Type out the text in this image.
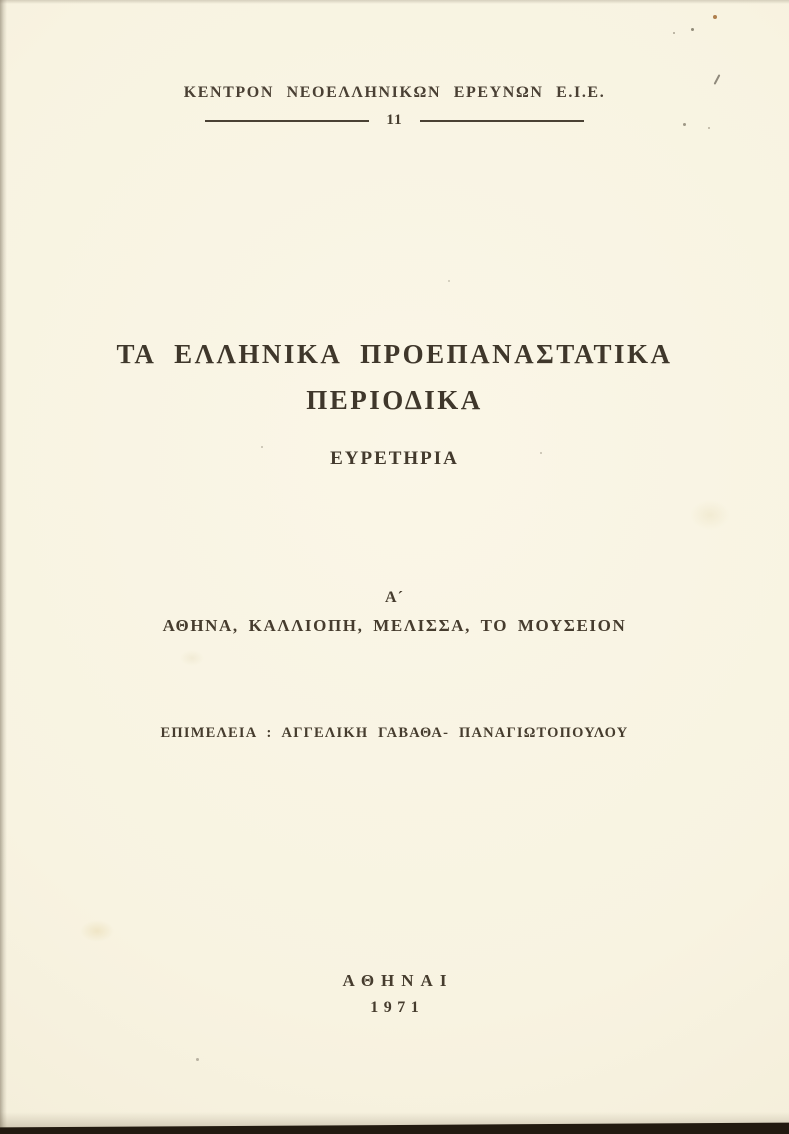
ΚΕΝΤΡΟΝ ΝΕΟΕΛΛΗΝΙΚΩΝ ΕΡΕΥΝΩΝ Ε.Ι.Ε.
11
ΤΑ ΕΛΛΗΝΙΚΑ ΠΡΟΕΠΑΝΑΣΤΑΤΙΚΑ
ΠΕΡΙΟΔΙΚΑ
ΕΥΡΕΤΗΡΙΑ
Α´
ΑΘΗΝΑ, ΚΑΛΛΙΟΠΗ, ΜΕΛΙΣΣΑ, ΤΟ ΜΟΥΣΕΙΟΝ
ΕΠΙΜΕΛΕΙΑ : ΑΓΓΕΛΙΚΗ ΓΑΒΑΘΑ- ΠΑΝΑΓΙΩΤΟΠΟΥΛΟΥ
ΑΘΗΝΑΙ
1971
